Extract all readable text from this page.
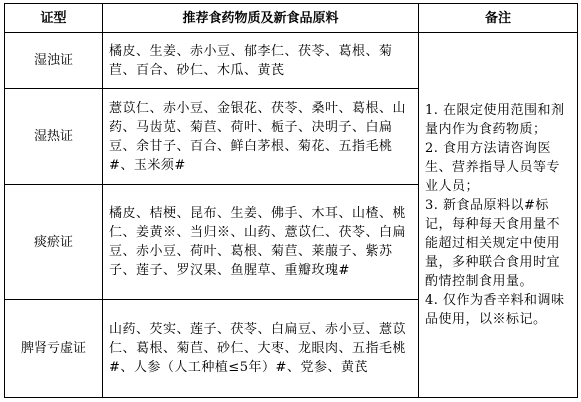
证型	推荐食药物质及新食品原料	备注
湿浊证	橘皮、生姜、赤小豆、郁李仁、茯苓、葛根、菊苣、百合、砂仁、木瓜、黄芪	1. 在限定使用范围和剂量内作为食药物质；
2. 食用方法请咨询医生、营养指导人员等专业人员；
3. 新食品原料以#标记，每种每天食用量不能超过相关规定中使用量，多种联合食用时宜酌情控制食用量。
4. 仅作为香辛料和调味品使用，以※标记。

湿热证	薏苡仁、赤小豆、金银花、茯苓、桑叶、葛根、山药、马齿苋、菊苣、荷叶、栀子、决明子、白扁豆、余甘子、百合、鲜白茅根、菊花、五指毛桃#、玉米须#	
痰瘀证	橘皮、桔梗、昆布、生姜、佛手、木耳、山楂、桃仁、姜黄※、当归※、山药、薏苡仁、茯苓、白扁豆、赤小豆、荷叶、葛根、菊苣、莱菔子、紫苏子、莲子、罗汉果、鱼腥草、重瓣玫瑰#	
脾肾亏虚证	山药、芡实、莲子、茯苓、白扁豆、赤小豆、薏苡仁、葛根、菊苣、砂仁、大枣、龙眼肉、五指毛桃#、人参（人工种植≤5年）#、党参、黄芪	
